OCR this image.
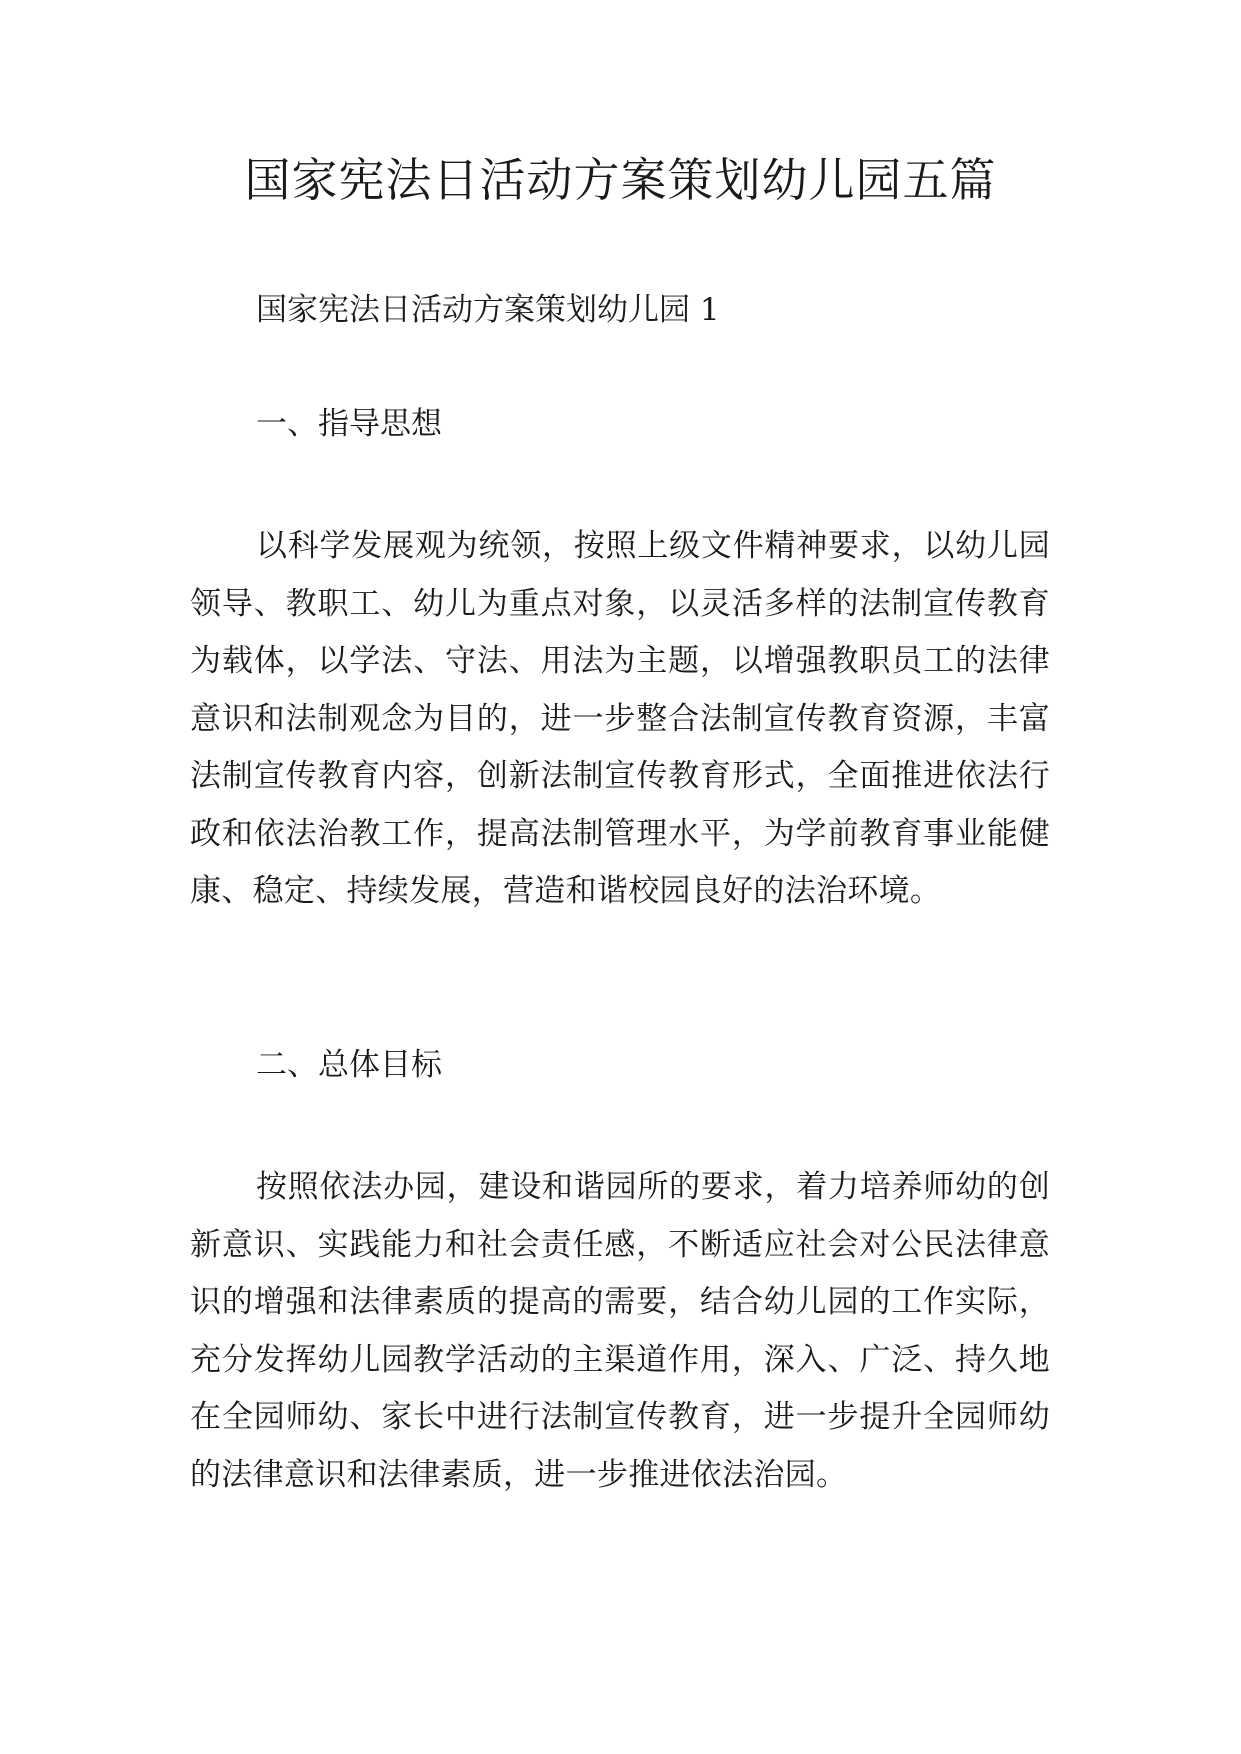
国家宪法日活动方案策划幼儿园五篇

国家宪法日活动方案策划幼儿园 1

一、指导思想

以科学发展观为统领，按照上级文件精神要求，以幼儿园领导、教职工、幼儿为重点对象，以灵活多样的法制宣传教育为载体，以学法、守法、用法为主题，以增强教职员工的法律意识和法制观念为目的，进一步整合法制宣传教育资源，丰富法制宣传教育内容，创新法制宣传教育形式，全面推进依法行政和依法治教工作，提高法制管理水平，为学前教育事业能健康、稳定、持续发展，营造和谐校园良好的法治环境。

二、总体目标

按照依法办园，建设和谐园所的要求，着力培养师幼的创新意识、实践能力和社会责任感，不断适应社会对公民法律意识的增强和法律素质的提高的需要，结合幼儿园的工作实际，充分发挥幼儿园教学活动的主渠道作用，深入、广泛、持久地在全园师幼、家长中进行法制宣传教育，进一步提升全园师幼的法律意识和法律素质，进一步推进依法治园。
